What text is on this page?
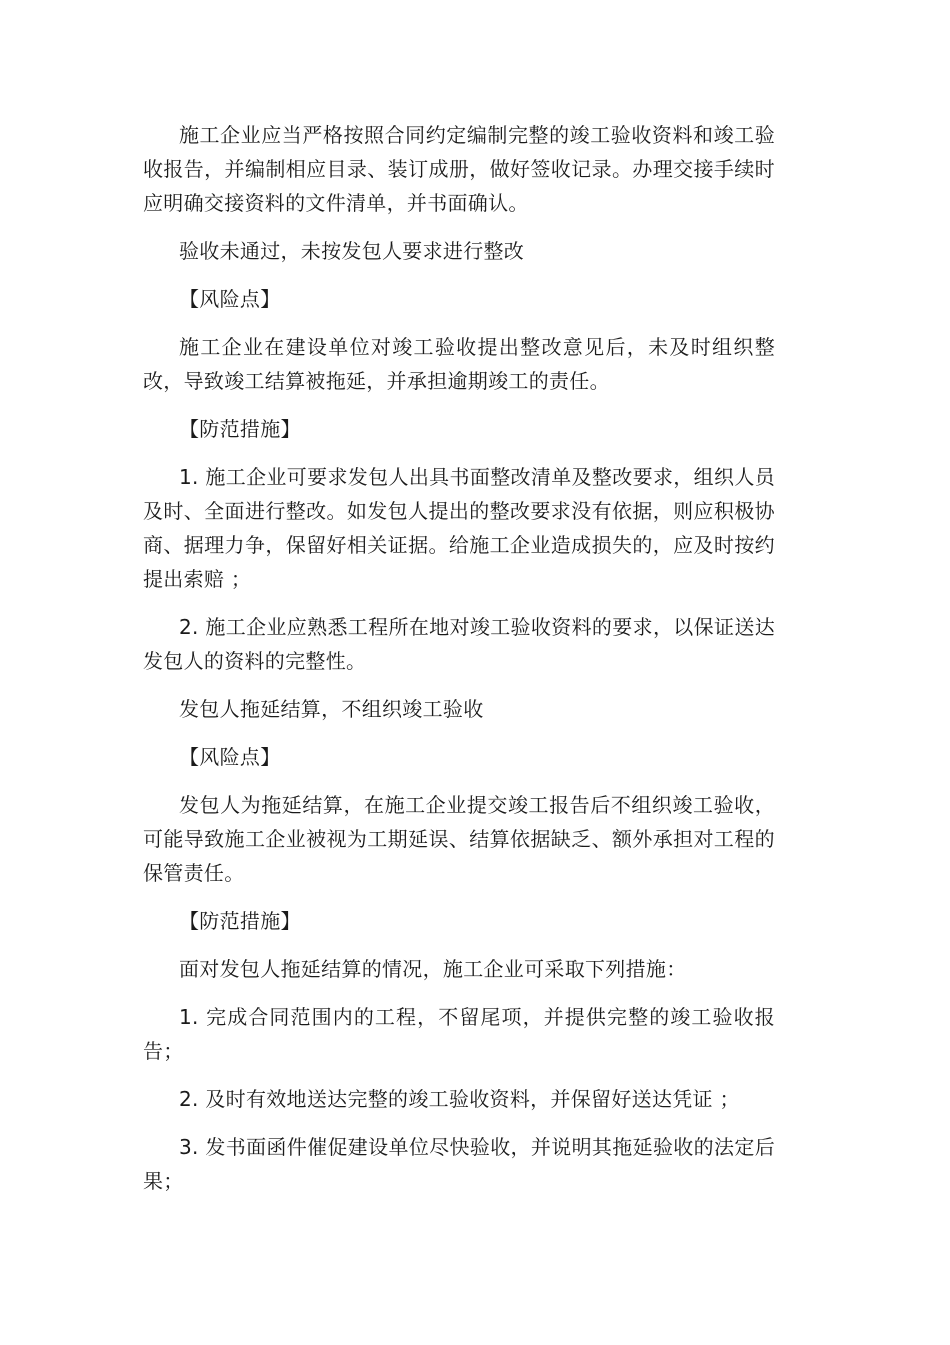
施工企业应当严格按照合同约定编制完整的竣工验收资料和竣工验收报告，并编制相应目录、装订成册，做好签收记录。办理交接手续时应明确交接资料的文件清单，并书面确认。

验收未通过，未按发包人要求进行整改

【风险点】

施工企业在建设单位对竣工验收提出整改意见后，未及时组织整改，导致竣工结算被拖延，并承担逾期竣工的责任。

【防范措施】

1. 施工企业可要求发包人出具书面整改清单及整改要求，组织人员及时、全面进行整改。如发包人提出的整改要求没有依据，则应积极协商、据理力争，保留好相关证据。给施工企业造成损失的，应及时按约提出索赔 ；

2. 施工企业应熟悉工程所在地对竣工验收资料的要求，以保证送达发包人的资料的完整性。

发包人拖延结算，不组织竣工验收

【风险点】

发包人为拖延结算，在施工企业提交竣工报告后不组织竣工验收，可能导致施工企业被视为工期延误、结算依据缺乏、额外承担对工程的保管责任。

【防范措施】

面对发包人拖延结算的情况，施工企业可采取下列措施：

1. 完成合同范围内的工程，不留尾项，并提供完整的竣工验收报告；

2. 及时有效地送达完整的竣工验收资料，并保留好送达凭证 ；

3. 发书面函件催促建设单位尽快验收，并说明其拖延验收的法定后果；
